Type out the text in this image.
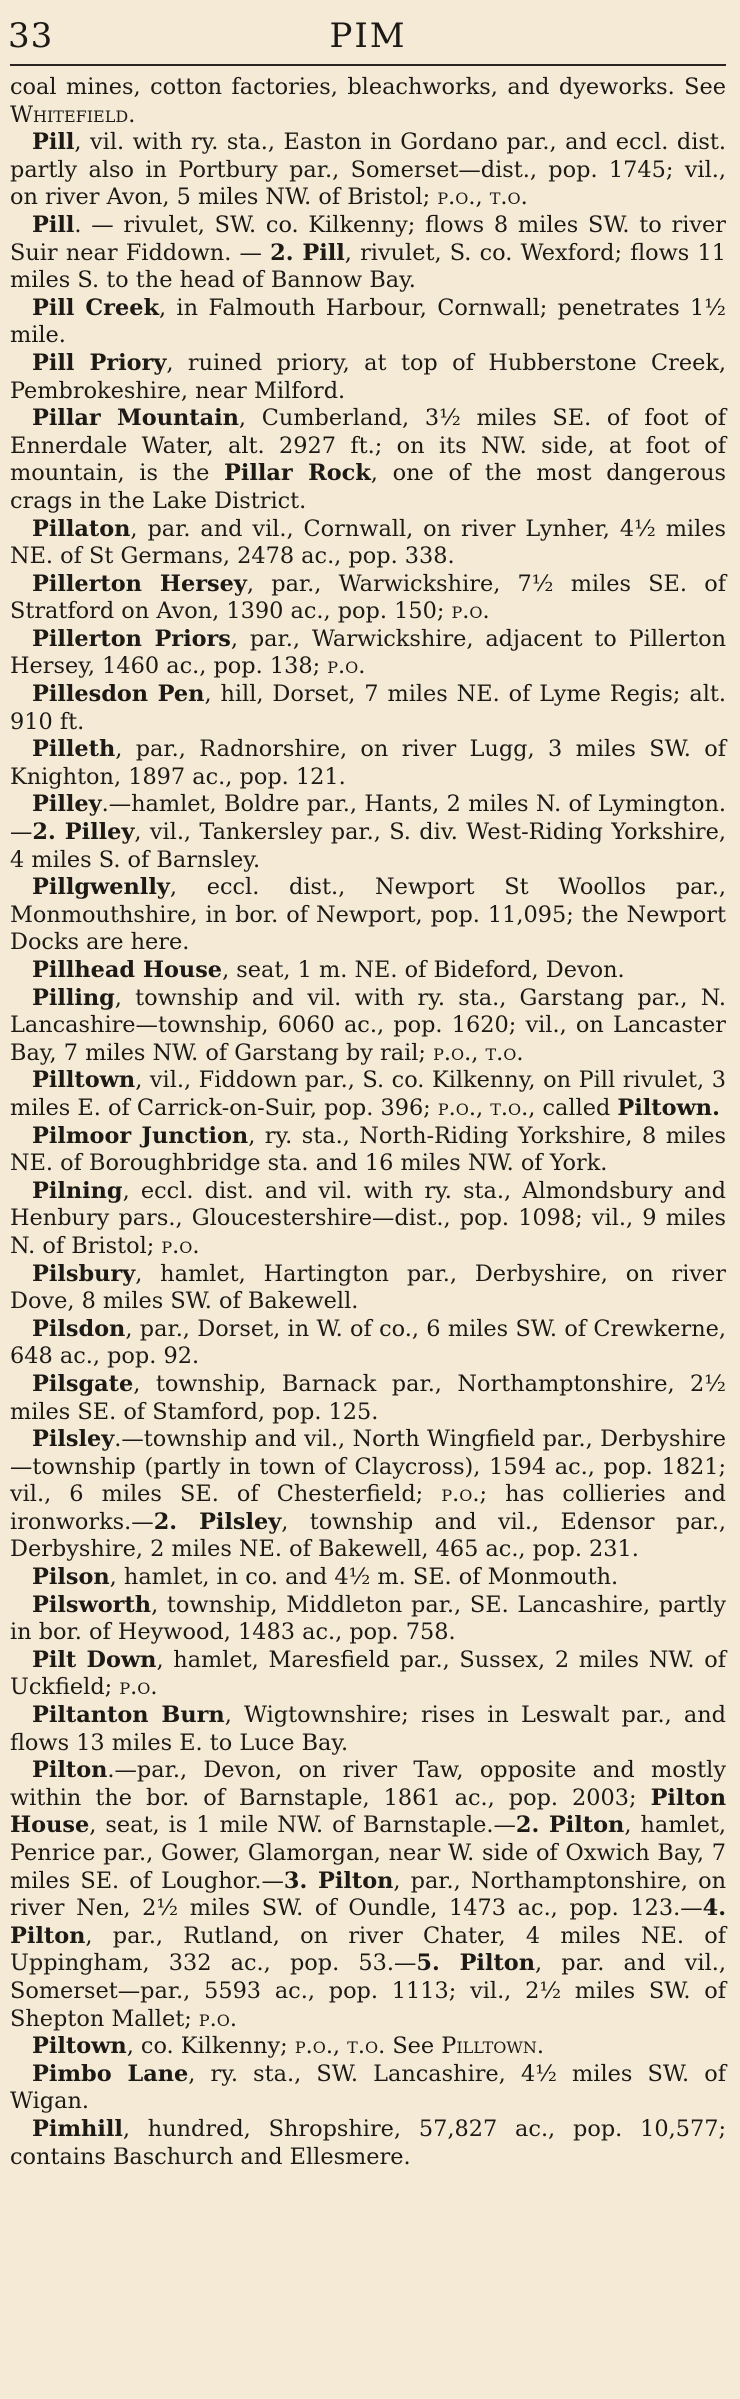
33	PIM

coal mines, cotton factories, bleachworks, and dyeworks. See Whitefield.

Pill, vil. with ry. sta., Easton in Gordano par., and eccl. dist. partly also in Portbury par., Somerset—dist., pop. 1745; vil., on river Avon, 5 miles NW. of Bristol; p.o., t.o.

Pill. — rivulet, SW. co. Kilkenny; flows 8 miles SW. to river Suir near Fiddown. — 2. Pill, rivulet, S. co. Wexford; flows 11 miles S. to the head of Bannow Bay.

Pill Creek, in Falmouth Harbour, Cornwall; penetrates 1½ mile.

Pill Priory, ruined priory, at top of Hubberstone Creek, Pembrokeshire, near Milford.

Pillar Mountain, Cumberland, 3½ miles SE. of foot of Ennerdale Water, alt. 2927 ft.; on its NW. side, at foot of mountain, is the Pillar Rock, one of the most dangerous crags in the Lake District.

Pillaton, par. and vil., Cornwall, on river Lynher, 4½ miles NE. of St Germans, 2478 ac., pop. 338.

Pillerton Hersey, par., Warwickshire, 7½ miles SE. of Stratford on Avon, 1390 ac., pop. 150; p.o.

Pillerton Priors, par., Warwickshire, adjacent to Pillerton Hersey, 1460 ac., pop. 138; p.o.

Pillesdon Pen, hill, Dorset, 7 miles NE. of Lyme Regis; alt. 910 ft.

Pilleth, par., Radnorshire, on river Lugg, 3 miles SW. of Knighton, 1897 ac., pop. 121.

Pilley.—hamlet, Boldre par., Hants, 2 miles N. of Lymington.—2. Pilley, vil., Tankersley par., S. div. West-Riding Yorkshire, 4 miles S. of Barnsley.

Pillgwenlly, eccl. dist., Newport St Woollos par., Monmouthshire, in bor. of Newport, pop. 11,095; the Newport Docks are here.

Pillhead House, seat, 1 m. NE. of Bideford, Devon.

Pilling, township and vil. with ry. sta., Garstang par., N. Lancashire—township, 6060 ac., pop. 1620; vil., on Lancaster Bay, 7 miles NW. of Garstang by rail; p.o., t.o.

Pilltown, vil., Fiddown par., S. co. Kilkenny, on Pill rivulet, 3 miles E. of Carrick-on-Suir, pop. 396; p.o., t.o., called Piltown.

Pilmoor Junction, ry. sta., North-Riding Yorkshire, 8 miles NE. of Boroughbridge sta. and 16 miles NW. of York.

Pilning, eccl. dist. and vil. with ry. sta., Almondsbury and Henbury pars., Gloucestershire—dist., pop. 1098; vil., 9 miles N. of Bristol; p.o.

Pilsbury, hamlet, Hartington par., Derbyshire, on river Dove, 8 miles SW. of Bakewell.

Pilsdon, par., Dorset, in W. of co., 6 miles SW. of Crewkerne, 648 ac., pop. 92.

Pilsgate, township, Barnack par., Northamptonshire, 2½ miles SE. of Stamford, pop. 125.

Pilsley.—township and vil., North Wingfield par., Derbyshire—township (partly in town of Claycross), 1594 ac., pop. 1821; vil., 6 miles SE. of Chesterfield; p.o.; has collieries and ironworks.—2. Pilsley, township and vil., Edensor par., Derbyshire, 2 miles NE. of Bakewell, 465 ac., pop. 231.

Pilson, hamlet, in co. and 4½ m. SE. of Monmouth.

Pilsworth, township, Middleton par., SE. Lancashire, partly in bor. of Heywood, 1483 ac., pop. 758.

Pilt Down, hamlet, Maresfield par., Sussex, 2 miles NW. of Uckfield; p.o.

Piltanton Burn, Wigtownshire; rises in Leswalt par., and flows 13 miles E. to Luce Bay.

Pilton.—par., Devon, on river Taw, opposite and mostly within the bor. of Barnstaple, 1861 ac., pop. 2003; Pilton House, seat, is 1 mile NW. of Barnstaple.—2. Pilton, hamlet, Penrice par., Gower, Glamorgan, near W. side of Oxwich Bay, 7 miles SE. of Loughor.—3. Pilton, par., Northamptonshire, on river Nen, 2½ miles SW. of Oundle, 1473 ac., pop. 123.—4. Pilton, par., Rutland, on river Chater, 4 miles NE. of Uppingham, 332 ac., pop. 53.—5. Pilton, par. and vil., Somerset—par., 5593 ac., pop. 1113; vil., 2½ miles SW. of Shepton Mallet; p.o.

Piltown, co. Kilkenny; p.o., t.o. See Pilltown.

Pimbo Lane, ry. sta., SW. Lancashire, 4½ miles SW. of Wigan.

Pimhill, hundred, Shropshire, 57,827 ac., pop. 10,577; contains Baschurch and Ellesmere.
